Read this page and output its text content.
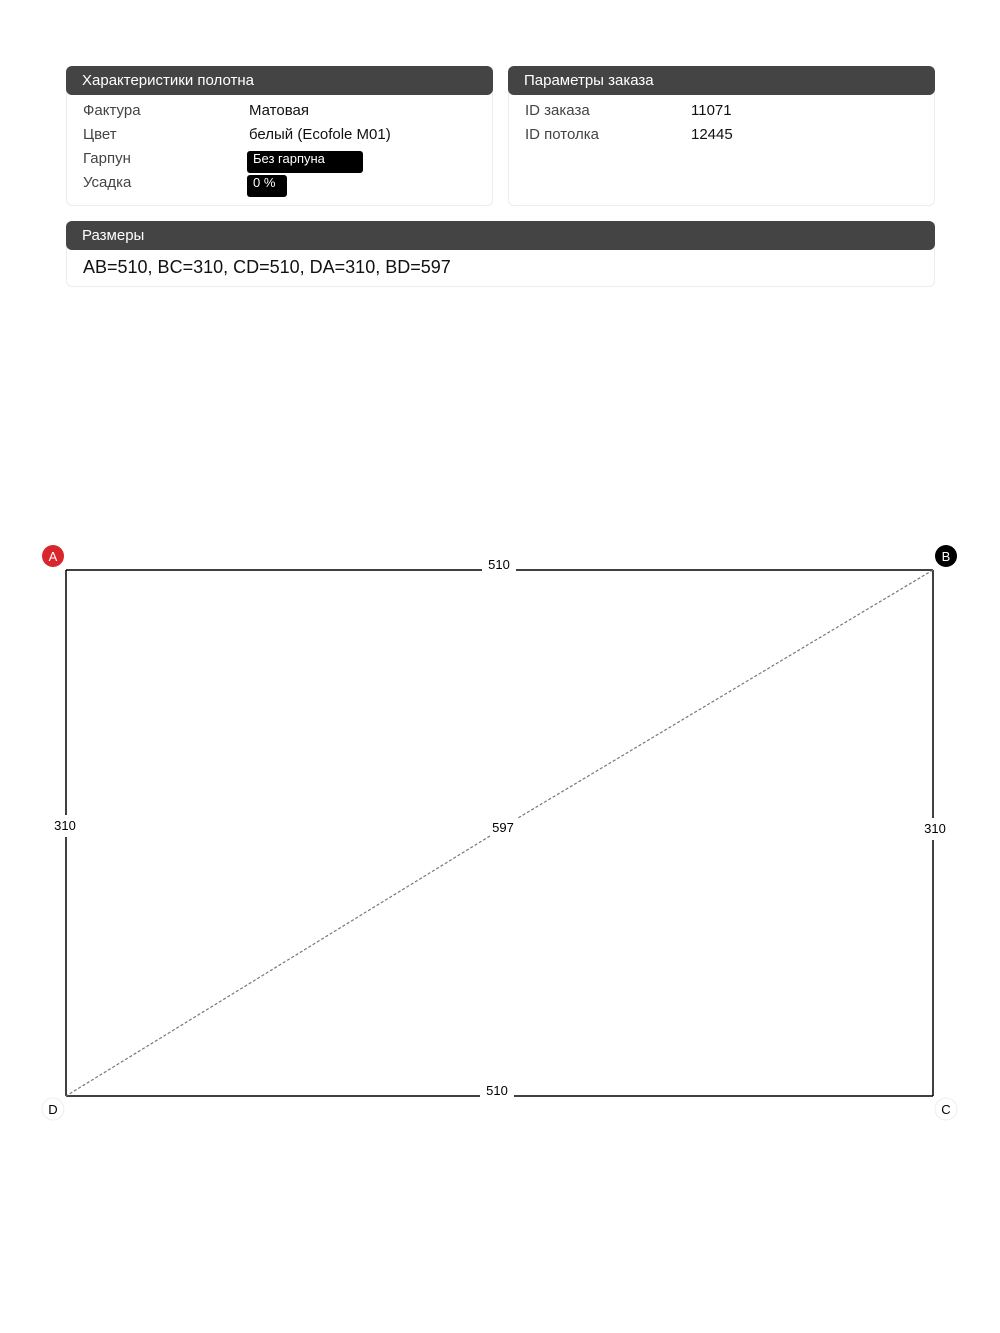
Характеристики полотна
Фактура	Матовая
Цвет	белый (Ecofole M01)
Гарпун	Без гарпуна
Усадка	0 %
Параметры заказа
ID заказа	11071
ID потолка	12445
Размеры
AB=510, BC=310, CD=510, DA=310, BD=597
510
310
510
310	597
A	B
C
D
